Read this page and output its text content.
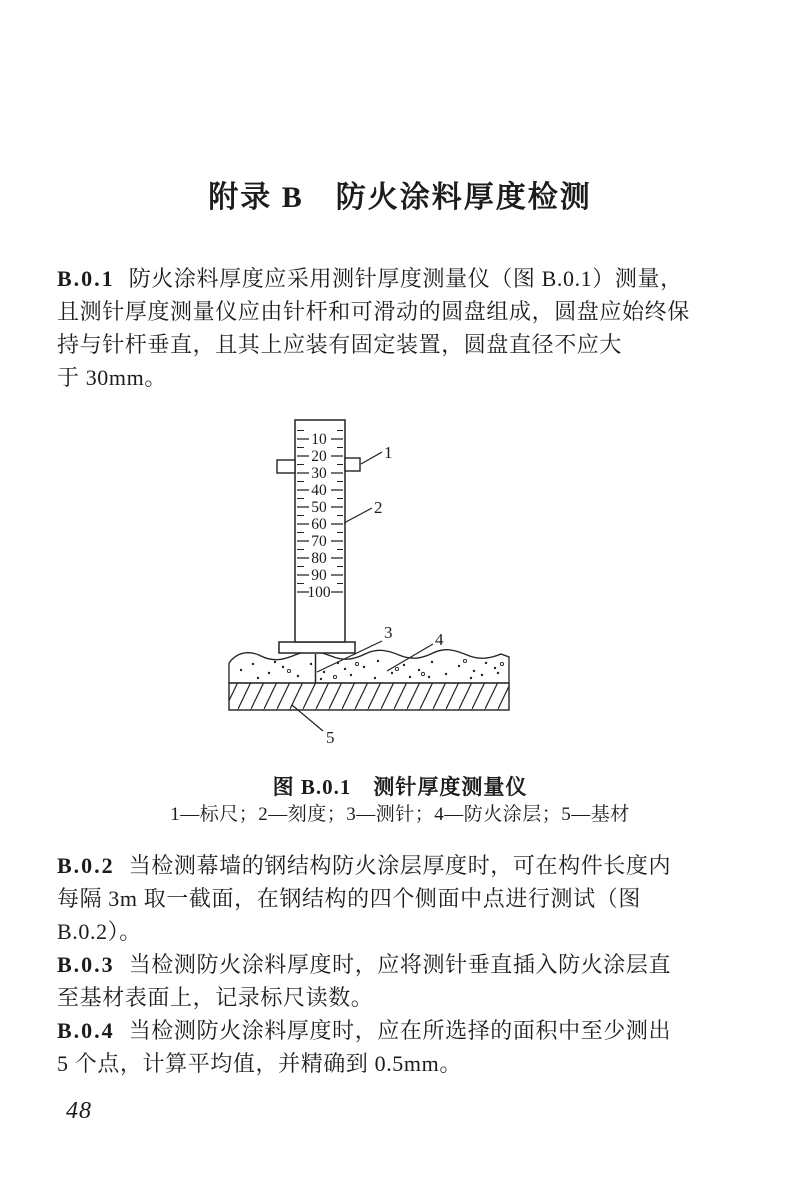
附录 B　防火涂料厚度检测
B.0.1 防火涂料厚度应采用测针厚度测量仪（图 B.0.1）测量，
且测针厚度测量仪应由针杆和可滑动的圆盘组成，圆盘应始终保
持与针杆垂直，且其上应装有固定装置，圆盘直径不应大
于 30mm。
10
20
30
40
50
60
70
80
90
100
1
2
3	4
5
图 B.0.1　测针厚度测量仪
1—标尺；2—刻度；3—测针；4—防火涂层；5—基材
B.0.2 当检测幕墙的钢结构防火涂层厚度时，可在构件长度内
每隔 3m 取一截面，在钢结构的四个侧面中点进行测试（图
B.0.2）。
B.0.3 当检测防火涂料厚度时，应将测针垂直插入防火涂层直
至基材表面上，记录标尺读数。
B.0.4 当检测防火涂料厚度时，应在所选择的面积中至少测出
5 个点，计算平均值，并精确到 0.5mm。
48
